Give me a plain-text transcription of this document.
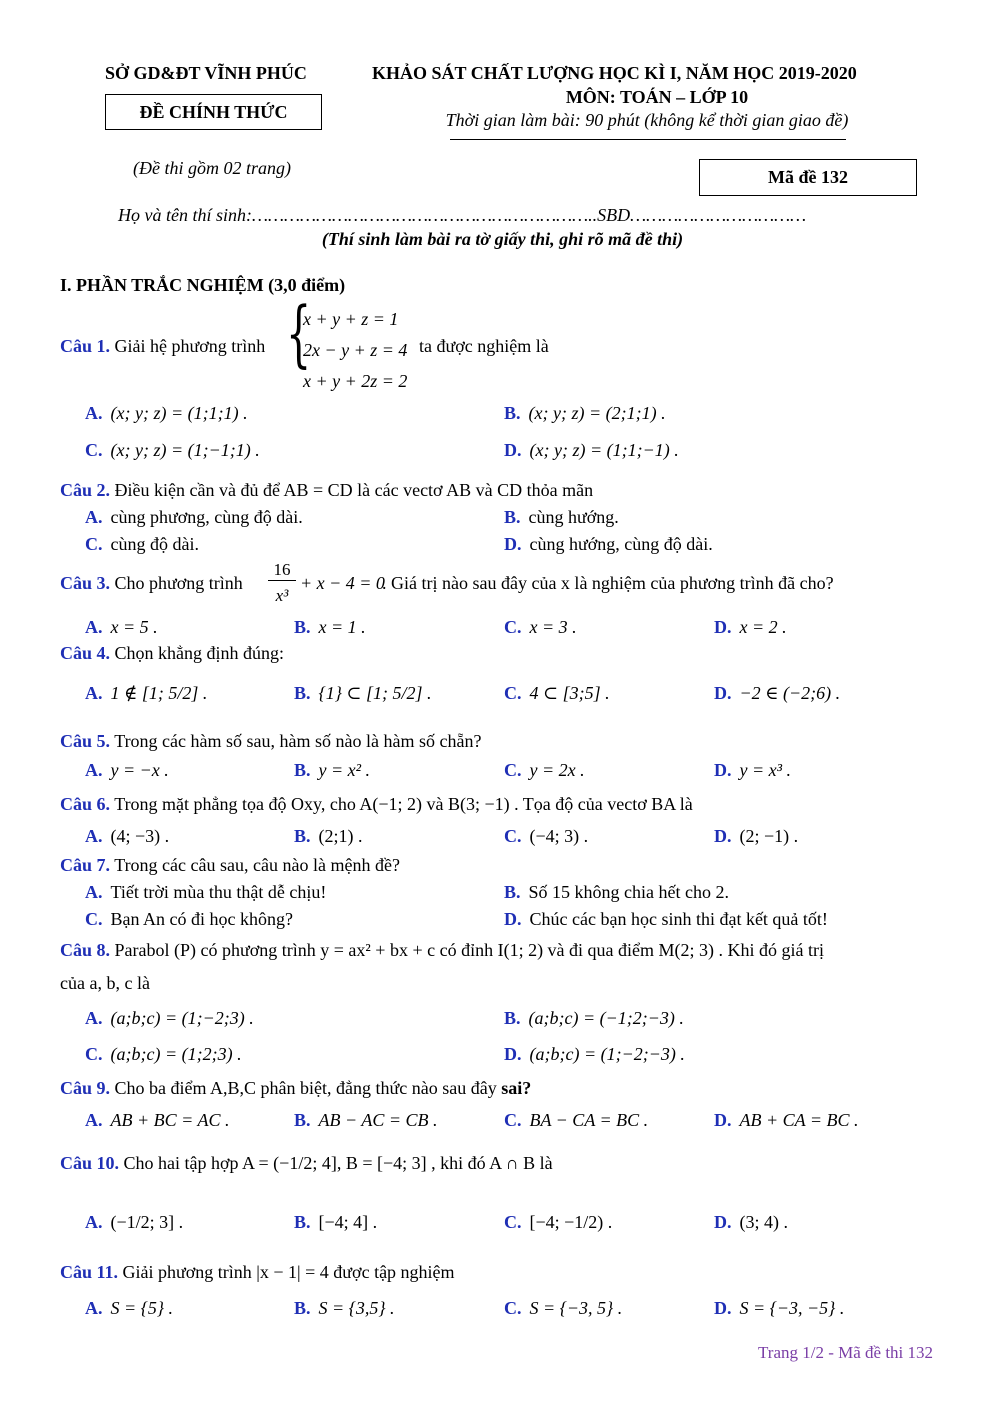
SỞ GD&ĐT VĨNH PHÚC
ĐỀ CHÍNH THỨC
KHẢO SÁT CHẤT LƯỢNG HỌC KÌ I, NĂM HỌC 2019-2020
MÔN: TOÁN – LỚP 10
Thời gian làm bài: 90 phút (không kể thời gian giao đề)
(Đề thi gồm 02 trang)	Mã đề 132
Họ và tên thí sinh:………………………………………………………..SBD……………………………
(Thí sinh làm bài ra tờ giấy thi, ghi rõ mã đề thi)
I. PHẦN TRẮC NGHIỆM (3,0 điểm)
Câu 1. Giải hệ phương trình {
x + y + z = 1
2x − y + z = 4
x + y + 2z = 2
ta được nghiệm là
A. (x; y; z) = (1;1;1) .	B. (x; y; z) = (2;1;1) .
C. (x; y; z) = (1;−1;1) .	D. (x; y; z) = (1;1;−1) .
Câu 2. Điều kiện cần và đủ để AB = CD là các vectơ AB và CD thỏa mãn
A. cùng phương, cùng độ dài.	B. cùng hướng.
C. cùng độ dài.	D. cùng hướng, cùng độ dài.
Câu 3. Cho phương trình
16
x³
+ x − 4 = 0
. Giá trị nào sau đây của x là nghiệm của phương trình đã cho?
A. x = 5 .	B. x = 1 .	C. x = 3 .	D. x = 2 .
Câu 4. Chọn khẳng định đúng:
A. 1 ∉ [1; 5/2] .	B. {1} ⊂ [1; 5/2] .	C. 4 ⊂ [3;5] .	D. −2 ∈ (−2;6) .
Câu 5. Trong các hàm số sau, hàm số nào là hàm số chẵn?
A. y = −x .	B. y = x² .	C. y = 2x .	D. y = x³ .
Câu 6. Trong mặt phẳng tọa độ Oxy, cho A(−1; 2) và B(3; −1) . Tọa độ của vectơ BA là
A. (4; −3) .	B. (2;1) .	C. (−4; 3) .	D. (2; −1) .
Câu 7. Trong các câu sau, câu nào là mệnh đề?
A. Tiết trời mùa thu thật dễ chịu!	B. Số 15 không chia hết cho 2.
C. Bạn An có đi học không?	D. Chúc các bạn học sinh thi đạt kết quả tốt!
Câu 8. Parabol (P) có phương trình y = ax² + bx + c có đỉnh I(1; 2) và đi qua điểm M(2; 3) . Khi đó giá trị
của a, b, c là
A. (a;b;c) = (1;−2;3) .	B. (a;b;c) = (−1;2;−3) .
C. (a;b;c) = (1;2;3) .	D. (a;b;c) = (1;−2;−3) .
Câu 9. Cho ba điểm A,B,C phân biệt, đẳng thức nào sau đây sai?
A. AB + BC = AC .	B. AB − AC = CB .	C. BA − CA = BC .	D. AB + CA = BC .
Câu 10. Cho hai tập hợp A = (−1/2; 4], B = [−4; 3] , khi đó A ∩ B là
A. (−1/2; 3] .	B. [−4; 4] .	C. [−4; −1/2) .	D. (3; 4) .
Câu 11. Giải phương trình |x − 1| = 4 được tập nghiệm
A. S = {5} .	B. S = {3,5} .	C. S = {−3, 5} .	D. S = {−3, −5} .
Trang 1/2 - Mã đề thi 132
